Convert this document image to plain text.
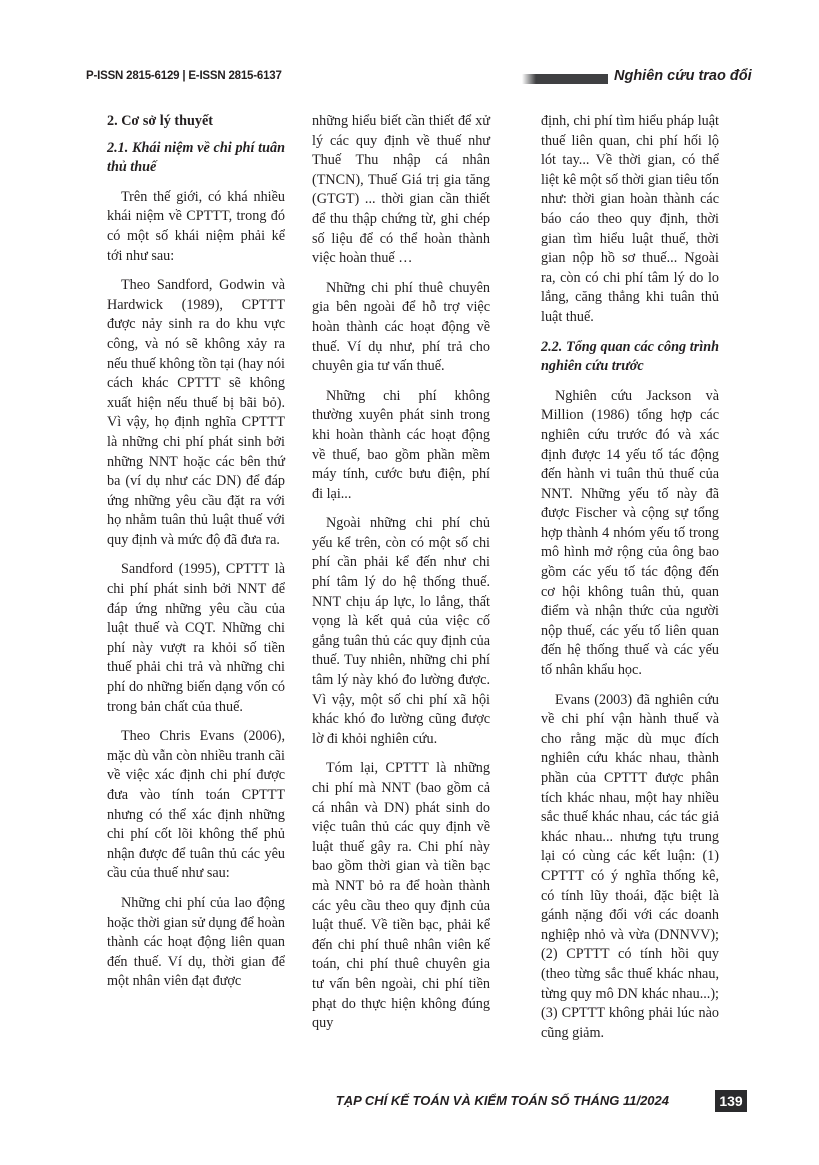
P-ISSN 2815-6129 | E-ISSN 2815-6137	Nghiên cứu trao đổi
2. Cơ sở lý thuyết

2.1. Khái niệm về chi phí tuân thủ thuế

Trên thế giới, có khá nhiều khái niệm về CPTTT, trong đó có một số khái niệm phải kể tới như sau:

Theo Sandford, Godwin và Hardwick (1989), CPTTT được nảy sinh ra do khu vực công, và nó sẽ không xảy ra nếu thuế không tồn tại (hay nói cách khác CPTTT sẽ không xuất hiện nếu thuế bị bãi bỏ). Vì vậy, họ định nghĩa CPTTT là những chi phí phát sinh bởi những NNT hoặc các bên thứ ba (ví dụ như các DN) để đáp ứng những yêu cầu đặt ra với họ nhằm tuân thủ luật thuế với quy định và mức độ đã đưa ra.

Sandford (1995), CPTTT là chi phí phát sinh bởi NNT để đáp ứng những yêu cầu của luật thuế và CQT. Những chi phí này vượt ra khỏi số tiền thuế phải chi trả và những chi phí do những biến dạng vốn có trong bản chất của thuế.

Theo Chris Evans (2006), mặc dù vẫn còn nhiều tranh cãi về việc xác định chi phí được đưa vào tính toán CPTTT nhưng có thể xác định những chi phí cốt lõi không thể phủ nhận được để tuân thủ các yêu cầu của thuế như sau:

Những chi phí của lao động hoặc thời gian sử dụng để hoàn thành các hoạt động liên quan đến thuế. Ví dụ, thời gian để một nhân viên đạt được

những hiểu biết cần thiết để xử lý các quy định về thuế như Thuế Thu nhập cá nhân (TNCN), Thuế Giá trị gia tăng (GTGT) ... thời gian cần thiết để thu thập chứng từ, ghi chép số liệu để có thể hoàn thành việc hoàn thuế …

Những chi phí thuê chuyên gia bên ngoài để hỗ trợ việc hoàn thành các hoạt động về thuế. Ví dụ như, phí trả cho chuyên gia tư vấn thuế.

Những chi phí không thường xuyên phát sinh trong khi hoàn thành các hoạt động về thuế, bao gồm phần mềm máy tính, cước bưu điện, phí đi lại...

Ngoài những chi phí chủ yếu kể trên, còn có một số chi phí cần phải kể đến như chi phí tâm lý do hệ thống thuế. NNT chịu áp lực, lo lắng, thất vọng là kết quả của việc cố gắng tuân thủ các quy định của thuế. Tuy nhiên, những chi phí tâm lý này khó đo lường được. Vì vậy, một số chi phí xã hội khác khó đo lường cũng được lờ đi khỏi nghiên cứu.

Tóm lại, CPTTT là những chi phí mà NNT (bao gồm cả cá nhân và DN) phát sinh do việc tuân thủ các quy định về luật thuế gây ra. Chi phí này bao gồm thời gian và tiền bạc mà NNT bỏ ra để hoàn thành các yêu cầu theo quy định của luật thuế. Về tiền bạc, phải kể đến chi phí thuê nhân viên kế toán, chi phí thuê chuyên gia tư vấn bên ngoài, chi phí tiền phạt do thực hiện không đúng quy

định, chi phí tìm hiểu pháp luật thuế liên quan, chi phí hối lộ lót tay... Về thời gian, có thể liệt kê một số thời gian tiêu tốn như: thời gian hoàn thành các báo cáo theo quy định, thời gian tìm hiểu luật thuế, thời gian nộp hồ sơ thuế... Ngoài ra, còn có chi phí tâm lý do lo lắng, căng thẳng khi tuân thủ luật thuế.

2.2. Tổng quan các công trình nghiên cứu trước

Nghiên cứu Jackson và Million (1986) tổng hợp các nghiên cứu trước đó và xác định được 14 yếu tố tác động đến hành vi tuân thủ thuế của NNT. Những yếu tố này đã được Fischer và cộng sự tổng hợp thành 4 nhóm yếu tố trong mô hình mở rộng của ông bao gồm các yếu tố tác động đến cơ hội không tuân thủ, quan điểm và nhận thức của người nộp thuế, các yếu tố liên quan đến hệ thống thuế và các yếu tố nhân khẩu học.

Evans (2003) đã nghiên cứu về chi phí vận hành thuế và cho rằng mặc dù mục đích nghiên cứu khác nhau, thành phần của CPTTT được phân tích khác nhau, một hay nhiều sắc thuế khác nhau, các tác giả khác nhau... nhưng tựu trung lại có cùng các kết luận: (1) CPTTT có ý nghĩa thống kê, có tính lũy thoái, đặc biệt là gánh nặng đối với các doanh nghiệp nhỏ và vừa (DNNVV); (2) CPTTT có tính hồi quy (theo từng sắc thuế khác nhau, từng quy mô DN khác nhau...); (3) CPTTT không phải lúc nào cũng giảm.

TẠP CHÍ KẾ TOÁN VÀ KIỂM TOÁN SỐ THÁNG 11/2024	139
